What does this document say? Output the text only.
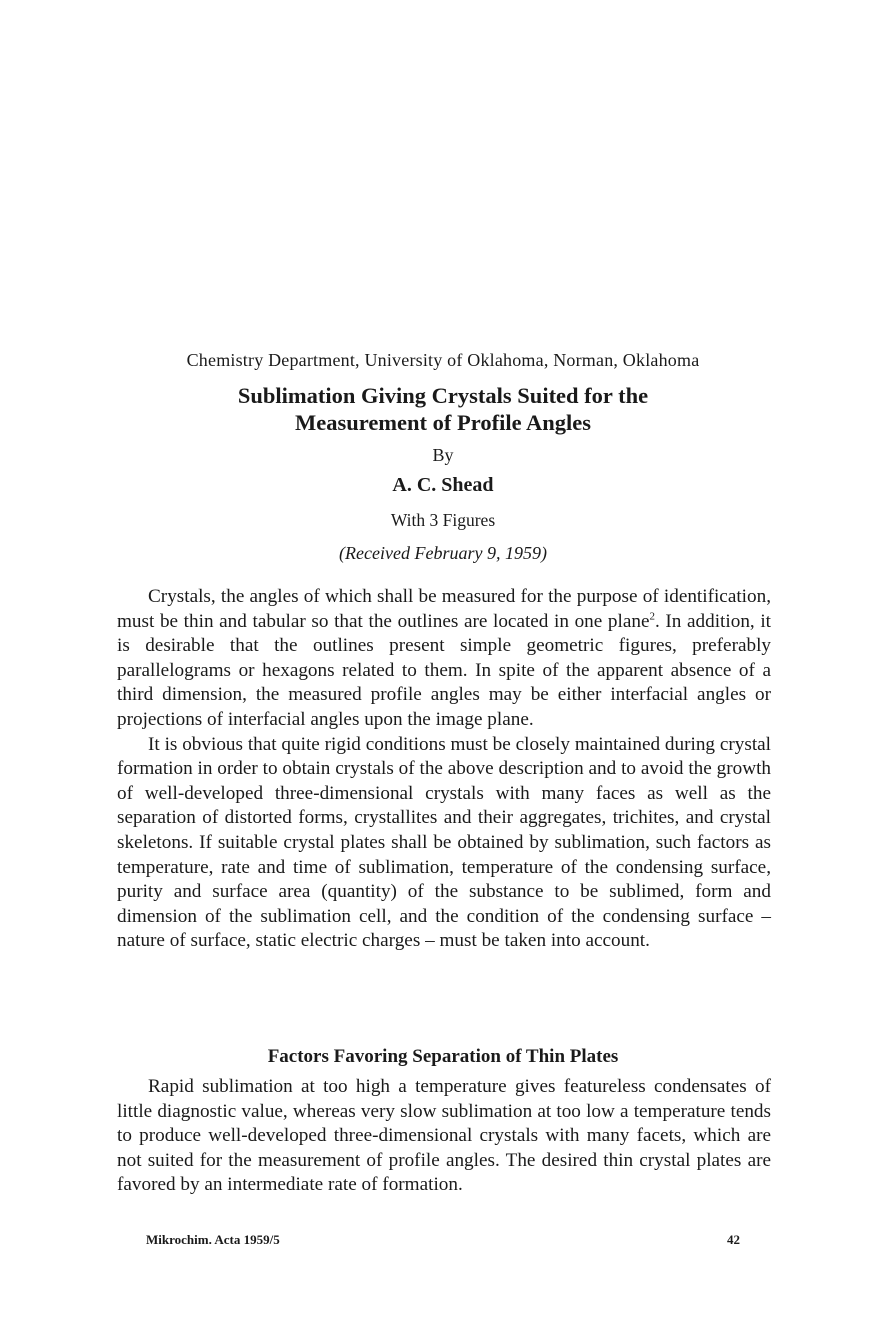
Chemistry Department, University of Oklahoma, Norman, Oklahoma
Sublimation Giving Crystals Suited for the
Measurement of Profile Angles
By
A. C. Shead
With 3 Figures
(Received February 9, 1959)

Crystals, the angles of which shall be measured for the purpose of identification, must be thin and tabular so that the outlines are located in one plane$^2$. In addition, it is desirable that the outlines present simple geometric figures, preferably parallelograms or hexagons related to them. In spite of the apparent absence of a third dimension, the measured profile angles may be either interfacial angles or projections of interfacial angles upon the image plane.

It is obvious that quite rigid conditions must be closely maintained during crystal formation in order to obtain crystals of the above description and to avoid the growth of well-developed three-dimensional crystals with many faces as well as the separation of distorted forms, crystallites and their aggregates, trichites, and crystal skeletons. If suitable crystal plates shall be obtained by sublimation, such factors as temperature, rate and time of sublimation, temperature of the condensing surface, purity and surface area (quantity) of the substance to be sublimed, form and dimension of the sublimation cell, and the condition of the condensing surface – nature of surface, static electric charges – must be taken into account.

Factors Favoring Separation of Thin Plates

Rapid sublimation at too high a temperature gives featureless condensates of little diagnostic value, whereas very slow sublimation at too low a temperature tends to produce well-developed three-dimensional crystals with many facets, which are not suited for the measurement of profile angles. The desired thin crystal plates are favored by an intermediate rate of formation.

Mikrochim. Acta 1959/5	42
